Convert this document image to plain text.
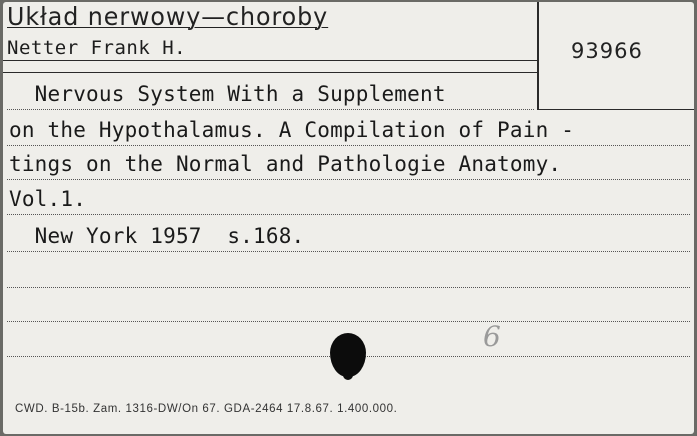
Układ nerwowy—choroby
Netter Frank H.	93966
Nervous System With a Supplement
on the Hypothalamus. A Compilation of Pain -
tings on the Normal and Pathologie Anatomy.
Vol.1.
New York 1957  s.168.
6
CWD. B-15b. Zam. 1316-DW/On 67. GDA-2464 17.8.67. 1.400.000.
